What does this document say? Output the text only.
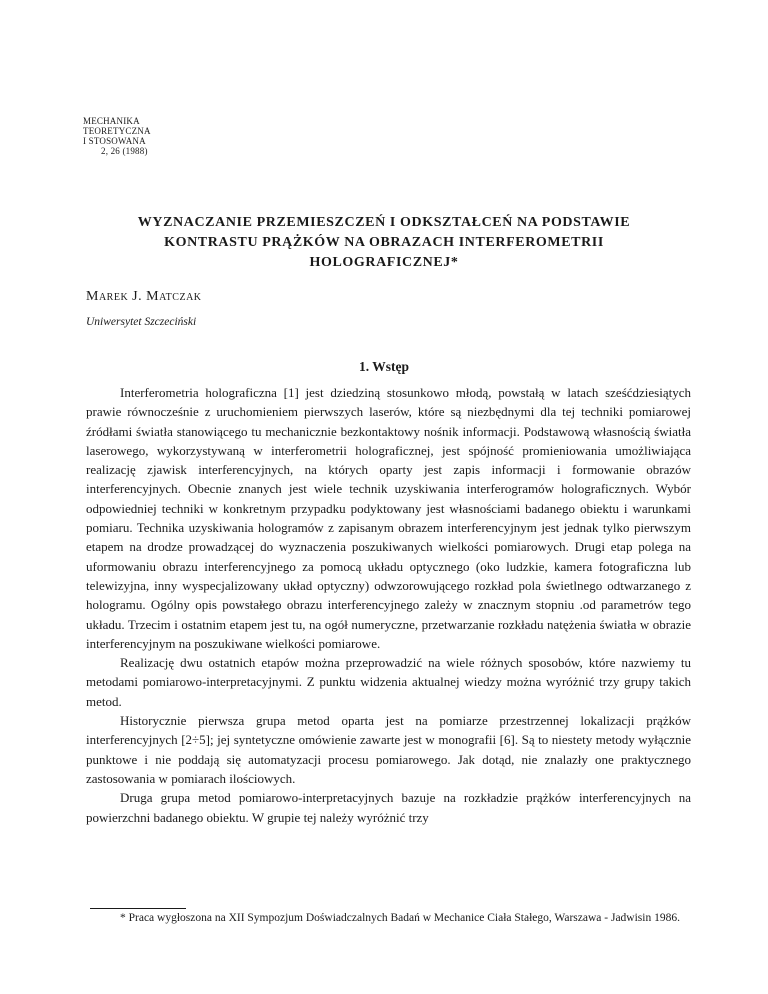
MECHANIKA
TEORETYCZNA
I STOSOWANA
2, 26 (1988)
WYZNACZANIE PRZEMIESZCZEŃ I ODKSZTAŁCEŃ NA PODSTAWIE KONTRASTU PRĄŻKÓW NA OBRAZACH INTERFEROMETRII HOLOGRAFICZNEJ*
Marek J. Matczak
Uniwersytet Szczeciński
1. Wstęp

Interferometria holograficzna [1] jest dziedziną stosunkowo młodą, powstałą w latach sześćdziesiątych prawie równocześnie z uruchomieniem pierwszych laserów, które są niezbędnymi dla tej techniki pomiarowej źródłami światła stanowiącego tu mechanicznie bezkontaktowy nośnik informacji. Podstawową własnością światła laserowego, wykorzystywaną w interferometrii holograficznej, jest spójność promieniowania umożliwiająca realizację zjawisk interferencyjnych, na których oparty jest zapis informacji i formowanie obrazów interferencyjnych. Obecnie znanych jest wiele technik uzyskiwania interferogramów holograficznych. Wybór odpowiedniej techniki w konkretnym przypadku podyktowany jest własnościami badanego obiektu i warunkami pomiaru. Technika uzyskiwania hologramów z zapisanym obrazem interferencyjnym jest jednak tylko pierwszym etapem na drodze prowadzącej do wyznaczenia poszukiwanych wielkości pomiarowych. Drugi etap polega na uformowaniu obrazu interferencyjnego za pomocą układu optycznego (oko ludzkie, kamera fotograficzna lub telewizyjna, inny wyspecjalizowany układ optyczny) odwzorowującego rozkład pola świetlnego odtwarzanego z hologramu. Ogólny opis powstałego obrazu interferencyjnego zależy w znacznym stopniu .od parametrów tego układu. Trzecim i ostatnim etapem jest tu, na ogół numeryczne, przetwarzanie rozkładu natężenia światła w obrazie interferencyjnym na poszukiwane wielkości pomiarowe.

Realizację dwu ostatnich etapów można przeprowadzić na wiele różnych sposobów, które nazwiemy tu metodami pomiarowo-interpretacyjnymi. Z punktu widzenia aktualnej wiedzy można wyróżnić trzy grupy takich metod.

Historycznie pierwsza grupa metod oparta jest na pomiarze przestrzennej lokalizacji prążków interferencyjnych [2÷5]; jej syntetyczne omówienie zawarte jest w monografii [6]. Są to niestety metody wyłącznie punktowe i nie poddają się automatyzacji procesu pomiarowego. Jak dotąd, nie znalazły one praktycznego zastosowania w pomiarach ilościowych.

Druga grupa metod pomiarowo-interpretacyjnych bazuje na rozkładzie prążków interferencyjnych na powierzchni badanego obiektu. W grupie tej należy wyróżnić trzy

* Praca wygłoszona na XII Sympozjum Doświadczalnych Badań w Mechanice Ciała Stałego, Warszawa - Jadwisin 1986.
